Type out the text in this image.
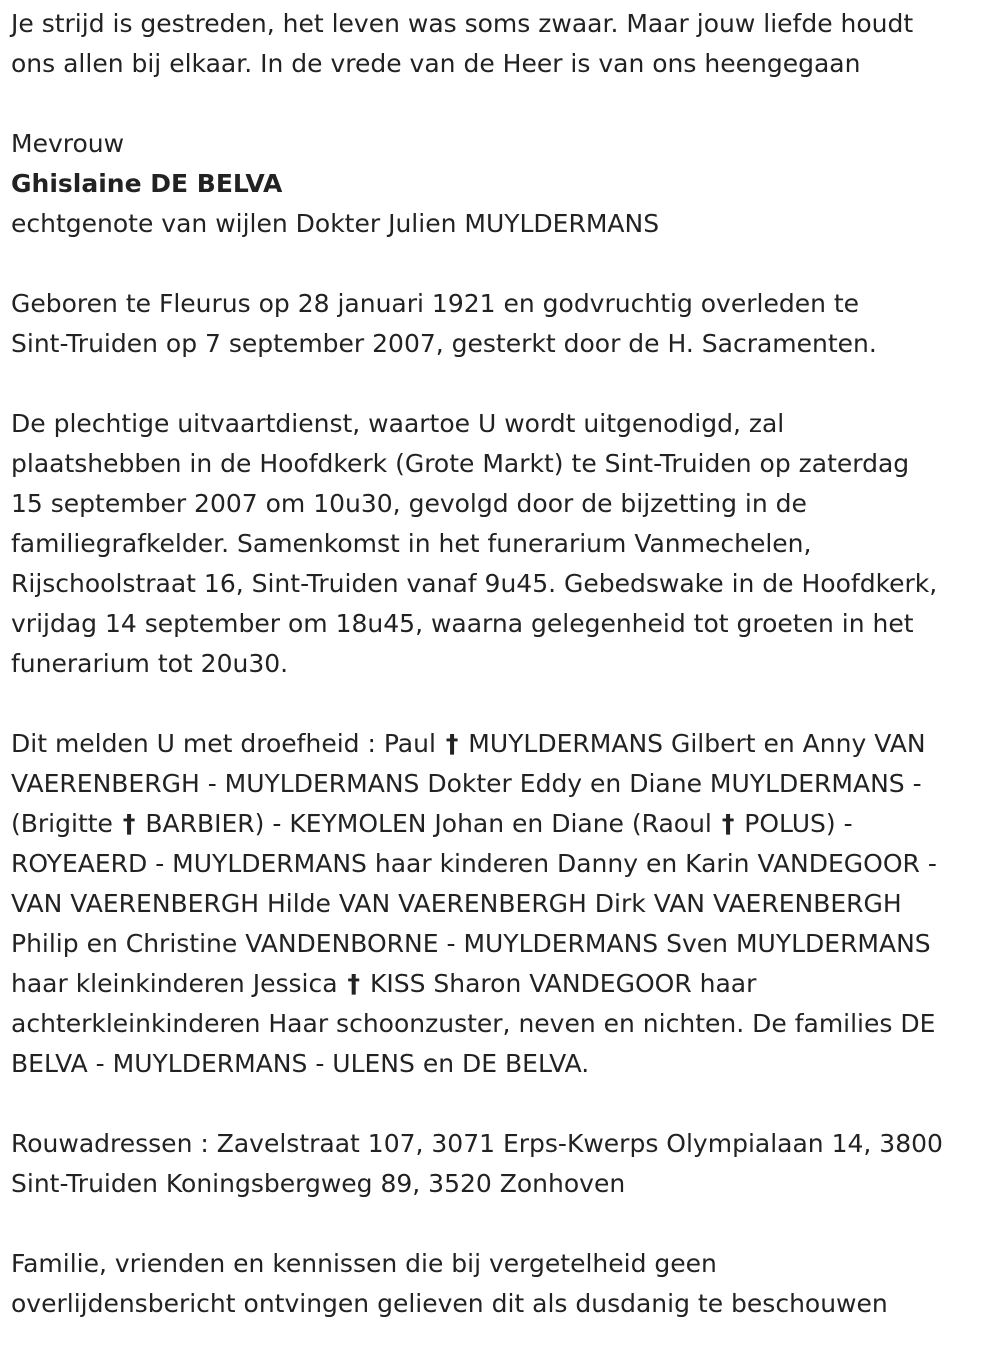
Je strijd is gestreden, het leven was soms zwaar. Maar jouw liefde houdt
ons allen bij elkaar. In de vrede van de Heer is van ons heengegaan
Mevrouw
Ghislaine DE BELVA
echtgenote van wijlen Dokter Julien MUYLDERMANS
Geboren te Fleurus op 28 januari 1921 en godvruchtig overleden te
Sint-Truiden op 7 september 2007, gesterkt door de H. Sacramenten.
De plechtige uitvaartdienst, waartoe U wordt uitgenodigd, zal
plaatshebben in de Hoofdkerk (Grote Markt) te Sint-Truiden op zaterdag
15 september 2007 om 10u30, gevolgd door de bijzetting in de
familiegrafkelder. Samenkomst in het funerarium Vanmechelen,
Rijschoolstraat 16, Sint-Truiden vanaf 9u45. Gebedswake in de Hoofdkerk,
vrijdag 14 september om 18u45, waarna gelegenheid tot groeten in het
funerarium tot 20u30.
Dit melden U met droefheid : Paul † MUYLDERMANS Gilbert en Anny VAN
VAERENBERGH - MUYLDERMANS Dokter Eddy en Diane MUYLDERMANS -
(Brigitte † BARBIER) - KEYMOLEN Johan en Diane (Raoul † POLUS) -
ROYEAERD - MUYLDERMANS haar kinderen Danny en Karin VANDEGOOR -
VAN VAERENBERGH Hilde VAN VAERENBERGH Dirk VAN VAERENBERGH
Philip en Christine VANDENBORNE - MUYLDERMANS Sven MUYLDERMANS
haar kleinkinderen Jessica † KISS Sharon VANDEGOOR haar
achterkleinkinderen Haar schoonzuster, neven en nichten. De families DE
BELVA - MUYLDERMANS - ULENS en DE BELVA.
Rouwadressen : Zavelstraat 107, 3071 Erps-Kwerps Olympialaan 14, 3800
Sint-Truiden Koningsbergweg 89, 3520 Zonhoven
Familie, vrienden en kennissen die bij vergetelheid geen
overlijdensbericht ontvingen gelieven dit als dusdanig te beschouwen
